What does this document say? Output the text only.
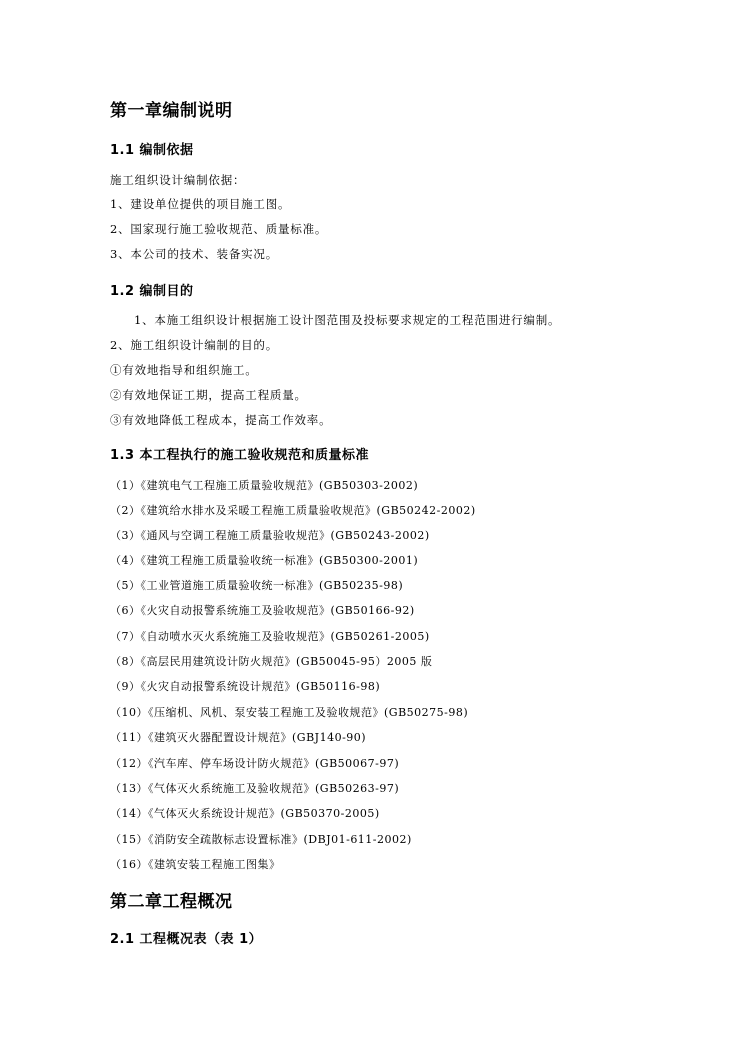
第一章编制说明
1.1 编制依据
施工组织设计编制依据：
1、建设单位提供的项目施工图。
2、国家现行施工验收规范、质量标准。
3、本公司的技术、装备实况。
1.2 编制目的
1、本施工组织设计根据施工设计图范围及投标要求规定的工程范围进行编制。
2、施工组织设计编制的目的。
①有效地指导和组织施工。
②有效地保证工期，提高工程质量。
③有效地降低工程成本，提高工作效率。
1.3 本工程执行的施工验收规范和质量标准
（1）《建筑电气工程施工质量验收规范》(GB50303-2002)
（2）《建筑给水排水及采暖工程施工质量验收规范》(GB50242-2002)
（3）《通风与空调工程施工质量验收规范》(GB50243-2002)
（4）《建筑工程施工质量验收统一标准》(GB50300-2001)
（5）《工业管道施工质量验收统一标准》(GB50235-98)
（6）《火灾自动报警系统施工及验收规范》(GB50166-92)
（7）《自动喷水灭火系统施工及验收规范》(GB50261-2005)
（8）《高层民用建筑设计防火规范》(GB50045-95）2005 版
（9）《火灾自动报警系统设计规范》(GB50116-98)
（10）《压缩机、风机、泵安装工程施工及验收规范》(GB50275-98)
（11）《建筑灭火器配置设计规范》(GBJ140-90)
（12）《汽车库、停车场设计防火规范》(GB50067-97)
（13）《气体灭火系统施工及验收规范》(GB50263-97)
（14）《气体灭火系统设计规范》(GB50370-2005)
（15）《消防安全疏散标志设置标准》(DBJ01-611-2002)
（16）《建筑安装工程施工图集》
第二章工程概况
2.1 工程概况表（表 1）
